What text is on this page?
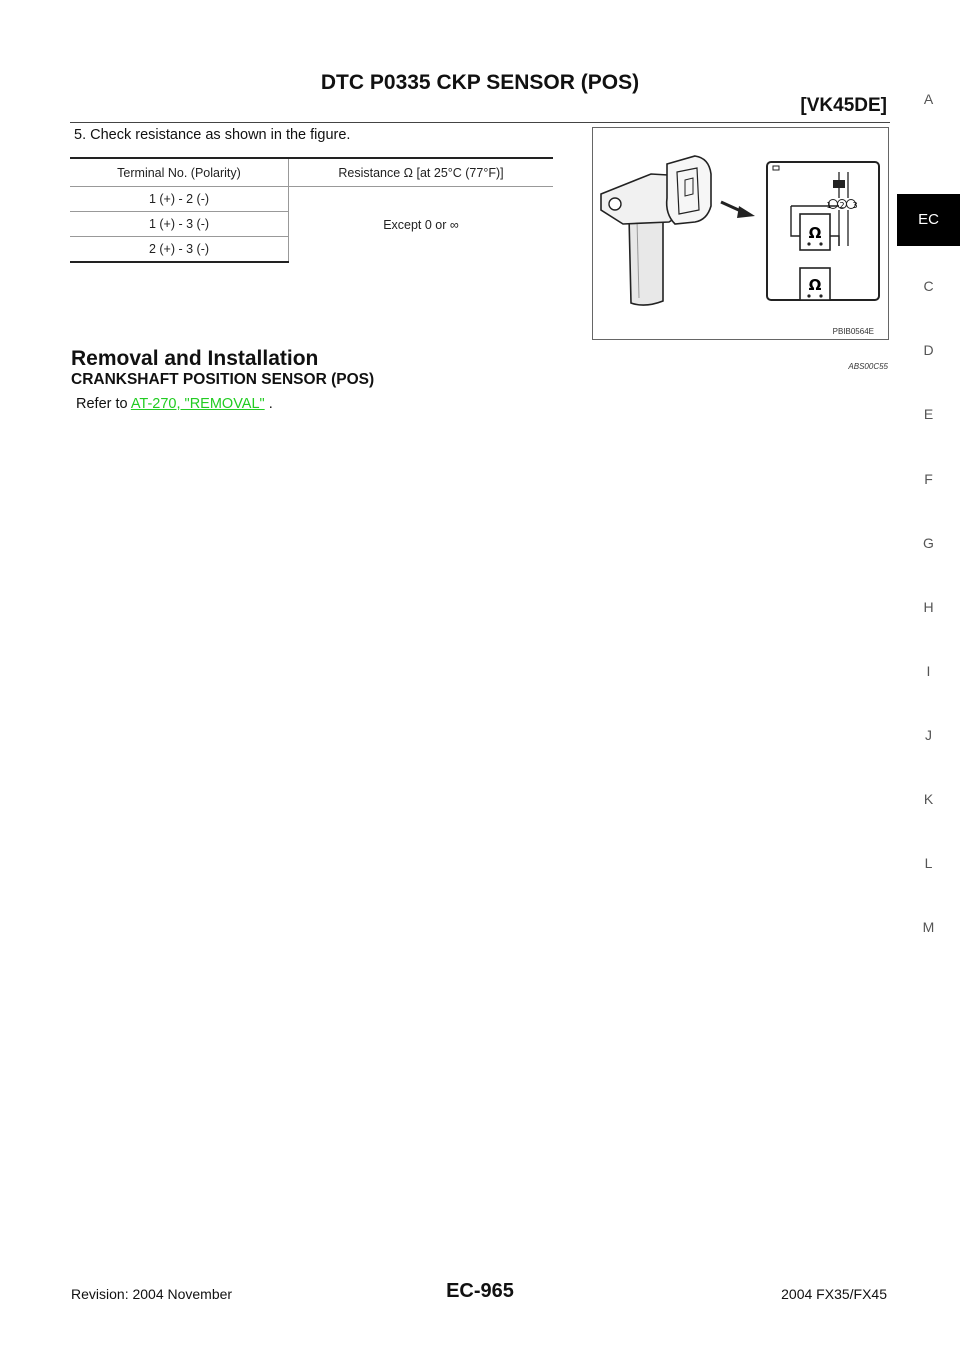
DTC P0335 CKP SENSOR (POS)
[VK45DE]	A
EC
C
D
E
F
G
H
I
J
K
L
M

5. Check resistance as shown in the figure.

Terminal No. (Polarity)	Resistance Ω [at 25°C (77°F)]
1 (+) - 2 (-)	Except 0 or ∞
1 (+) - 3 (-)	
2 (+) - 3 (-)	
1 2 3
Ω
Ω
PBIB0564E
Removal and Installation	ABS00C55
CRANKSHAFT POSITION SENSOR (POS)

Refer to AT-270, "REMOVAL" .

Revision: 2004 November	EC-965	2004 FX35/FX45
